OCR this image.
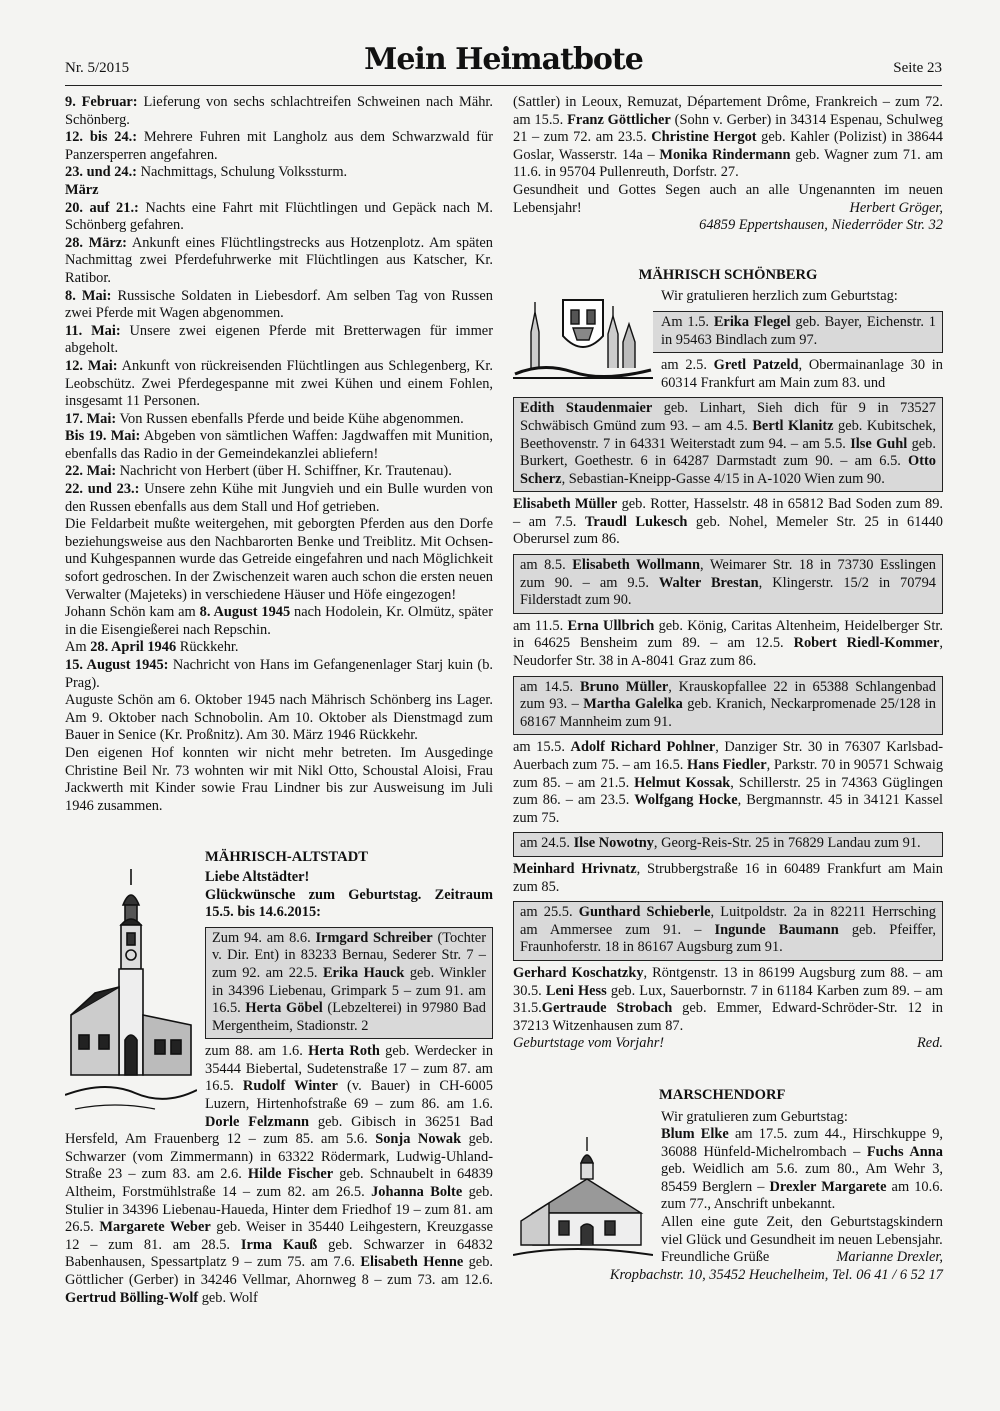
Nr. 5/2015	Mein Heimatbote	Seite 23

9. Februar: Lieferung von sechs schlachtreifen Schweinen nach Mähr. Schönberg.

12. bis 24.: Mehrere Fuhren mit Langholz aus dem Schwarzwald für Panzersperren angefahren.

23. und 24.: Nachmittags, Schulung Volkssturm.

März

20. auf 21.: Nachts eine Fahrt mit Flüchtlingen und Gepäck nach M. Schönberg gefahren.

28. März: Ankunft eines Flüchtlingstrecks aus Hotzenplotz. Am späten Nachmittag zwei Pferdefuhrwerke mit Flüchtlingen aus Katscher, Kr. Ratibor.

8. Mai: Russische Soldaten in Liebesdorf. Am selben Tag von Russen zwei Pferde mit Wagen abgenommen.

11. Mai: Unsere zwei eigenen Pferde mit Bretterwagen für immer abgeholt.

12. Mai: Ankunft von rückreisenden Flüchtlingen aus Schlegenberg, Kr. Leobschütz. Zwei Pferdegespanne mit zwei Kühen und einem Fohlen, insgesamt 11 Personen.

17. Mai: Von Russen ebenfalls Pferde und beide Kühe abgenommen.

Bis 19. Mai: Abgeben von sämtlichen Waffen: Jagdwaffen mit Munition, ebenfalls das Radio in der Gemeindekanzlei abliefern!

22. Mai: Nachricht von Herbert (über H. Schiffner, Kr. Trautenau).

22. und 23.: Unsere zehn Kühe mit Jungvieh und ein Bulle wurden von den Russen ebenfalls aus dem Stall und Hof getrieben.

Die Feldarbeit mußte weitergehen, mit geborgten Pferden aus den Dorfe beziehungsweise aus den Nachbarorten Benke und Treiblitz. Mit Ochsen- und Kuhgespannen wurde das Getreide eingefahren und nach Möglichkeit sofort gedroschen. In der Zwischenzeit waren auch schon die ersten neuen Verwalter (Majeteks) in verschiedene Häuser und Höfe eingezogen!

Johann Schön kam am 8. August 1945 nach Hodolein, Kr. Olmütz, später in die Eisengießerei nach Repschin.

Am 28. April 1946 Rückkehr.

15. August 1945: Nachricht von Hans im Gefangenenlager Starj kuin (b. Prag).

Auguste Schön am 6. Oktober 1945 nach Mährisch Schönberg ins Lager. Am 9. Oktober nach Schnobolin. Am 10. Oktober als Dienstmagd zum Bauer in Senice (Kr. Proßnitz). Am 30. März 1946 Rückkehr.

Den eigenen Hof konnten wir nicht mehr betreten. Im Ausgedinge Christine Beil Nr. 73 wohnten wir mit Nikl Otto, Schoustal Aloisi, Frau Jackwerth mit Kinder sowie Frau Lindner bis zur Ausweisung im Juli 1946 zusammen.

MÄHRISCH-ALTSTADT

Liebe Altstädter!
Glückwünsche zum Geburtstag. Zeitraum 15.5. bis 14.6.2015:

Zum 94. am 8.6. Irmgard Schreiber (Tochter v. Dir. Ent) in 83233 Bernau, Sederer Str. 7 – zum 92. am 22.5. Erika Hauck geb. Winkler in 34396 Liebenau, Grimpark 5 – zum 91. am 16.5. Herta Göbel (Lebzelterei) in 97980 Bad Mergentheim, Stadionstr. 2

zum 88. am 1.6. Herta Roth geb. Werdecker in 35444 Biebertal, Sudetenstraße 17 – zum 87. am 16.5. Rudolf Winter (v. Bauer) in CH-6005 Luzern, Hirtenhofstraße 69 – zum 86. am 1.6. Dorle Felzmann geb. Gibisch in 36251 Bad Hersfeld, Am Frauenberg 12 – zum 85. am 5.6. Sonja Nowak geb. Schwarzer (vom Zimmermann) in 63322 Rödermark, Ludwig-Uhland-Straße 23 – zum 83. am 2.6. Hilde Fischer geb. Schnaubelt in 64839 Altheim, Forstmühlstraße 14 – zum 82. am 26.5. Johanna Bolte geb. Stulier in 34396 Liebenau-Haueda, Hinter dem Friedhof 19 – zum 81. am 26.5. Margarete Weber geb. Weiser in 35440 Leihgestern, Kreuzgasse 12 – zum 81. am 28.5. Irma Kauß geb. Schwarzer in 64832 Babenhausen, Spessartplatz 9 – zum 75. am 7.6. Elisabeth Henne geb. Göttlicher (Gerber) in 34246 Vellmar, Ahornweg 8 – zum 73. am 12.6. Gertrud Bölling-Wolf geb. Wolf

(Sattler) in Leoux, Remuzat, Département Drôme, Frankreich – zum 72. am 15.5. Franz Göttlicher (Sohn v. Gerber) in 34314 Espenau, Schulweg 21 – zum 72. am 23.5. Christine Hergot geb. Kahler (Polizist) in 38644 Goslar, Wasserstr. 14a – Monika Rindermann geb. Wagner zum 71. am 11.6. in 95704 Pullenreuth, Dorfstr. 27.

Gesundheit und Gottes Segen auch an alle Ungenannten im neuen Lebensjahr!	Herbert Gröger,

64859 Eppertshausen, Niederröder Str. 32
MÄHRISCH SCHÖNBERG

Wir gratulieren herzlich zum Geburtstag:

Am 1.5. Erika Flegel geb. Bayer, Eichenstr. 1 in 95463 Bindlach zum 97.

am 2.5. Gretl Patzeld, Obermainanlage 30 in 60314 Frankfurt am Main zum 83. und

Edith Staudenmaier geb. Linhart, Sieh dich für 9 in 73527 Schwäbisch Gmünd zum 93. – am 4.5. Bertl Klanitz geb. Kubitschek, Beethovenstr. 7 in 64331 Weiterstadt zum 94. – am 5.5. Ilse Guhl geb. Burkert, Goethestr. 6 in 64287 Darmstadt zum 90. – am 6.5. Otto Scherz, Sebastian-Kneipp-Gasse 4/15 in A-1020 Wien zum 90.

Elisabeth Müller geb. Rotter, Hasselstr. 48 in 65812 Bad Soden zum 89. – am 7.5. Traudl Lukesch geb. Nohel, Memeler Str. 25 in 61440 Oberursel zum 86.

am 8.5. Elisabeth Wollmann, Weimarer Str. 18 in 73730 Esslingen zum 90. – am 9.5. Walter Brestan, Klingerstr. 15/2 in 70794 Filderstadt zum 90.

am 11.5. Erna Ullbrich geb. König, Caritas Altenheim, Heidelberger Str. in 64625 Bensheim zum 89. – am 12.5. Robert Riedl-Kommer, Neudorfer Str. 38 in A-8041 Graz zum 86.

am 14.5. Bruno Müller, Krauskopfallee 22 in 65388 Schlangenbad zum 93. – Martha Galelka geb. Kranich, Neckarpromenade 25/128 in 68167 Mannheim zum 91.

am 15.5. Adolf Richard Pohlner, Danziger Str. 30 in 76307 Karlsbad-Auerbach zum 75. – am 16.5. Hans Fiedler, Parkstr. 70 in 90571 Schwaig zum 85. – am 21.5. Helmut Kossak, Schillerstr. 25 in 74363 Güglingen zum 86. – am 23.5. Wolfgang Hocke, Bergmannstr. 45 in 34121 Kassel zum 75.

am 24.5. Ilse Nowotny, Georg-Reis-Str. 25 in 76829 Landau zum 91.

Meinhard Hrivnatz, Strubbergstraße 16 in 60489 Frankfurt am Main zum 85.

am 25.5. Gunthard Schieberle, Luitpoldstr. 2a in 82211 Herrsching am Ammersee zum 91. – Ingunde Baumann geb. Pfeiffer, Fraunhoferstr. 18 in 86167 Augsburg zum 91.

Gerhard Koschatzky, Röntgenstr. 13 in 86199 Augsburg zum 88. – am 30.5. Leni Hess geb. Lux, Sauerbornstr. 7 in 61184 Karben zum 89. – am 31.5.Gertraude Strobach geb. Emmer, Edward-Schröder-Str. 12 in 37213 Witzenhausen zum 87.

Geburtstage vom Vorjahr!	Red.
MARSCHENDORF

Wir gratulieren zum Geburtstag:

Blum Elke am 17.5. zum 44., Hirschkuppe 9, 36088 Hünfeld-Michelrombach – Fuchs Anna geb. Weidlich am 5.6. zum 80., Am Wehr 3, 85459 Berglern – Drexler Margarete am 10.6. zum 77., Anschrift unbekannt.

Allen eine gute Zeit, den Geburtstagskindern viel Glück und Gesundheit im neuen Lebensjahr.

Freundliche Grüße	Marianne Drexler,
Kropbachstr. 10, 35452 Heuchelheim, Tel. 06 41 / 6 52 17
